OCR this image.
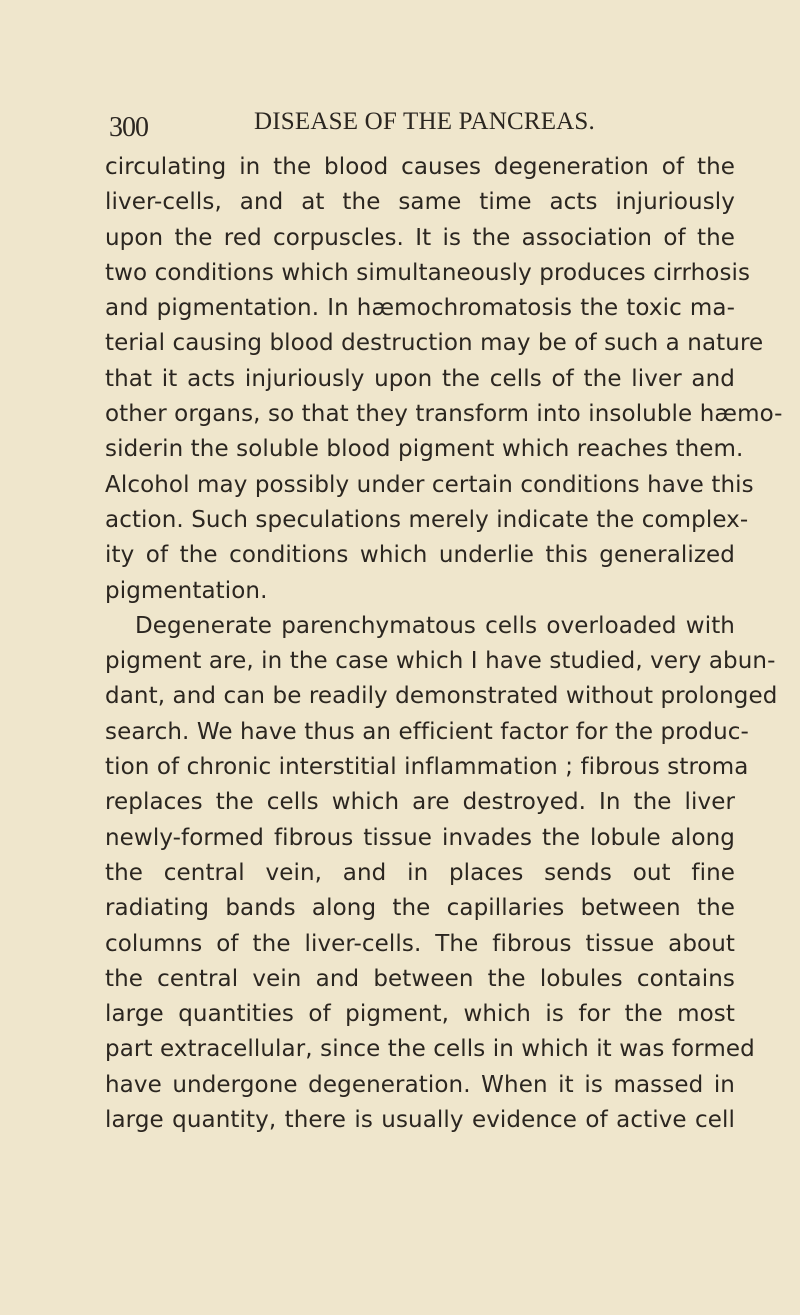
300	DISEASE OF THE PANCREAS.
circulating in the blood causes degeneration of the
liver-cells, and at the same time acts injuriously
upon the red corpuscles. It is the association of the
two conditions which simultaneously produces cirrhosis
and pigmentation. In hæmochromatosis the toxic ma-
terial causing blood destruction may be of such a nature
that it acts injuriously upon the cells of the liver and
other organs, so that they transform into insoluble hæmo-
siderin the soluble blood pigment which reaches them.
Alcohol may possibly under certain conditions have this
action. Such speculations merely indicate the complex-
ity of the conditions which underlie this generalized
pigmentation.
Degenerate parenchymatous cells overloaded with
pigment are, in the case which I have studied, very abun-
dant, and can be readily demonstrated without prolonged
search. We have thus an efficient factor for the produc-
tion of chronic interstitial inflammation ; fibrous stroma
replaces the cells which are destroyed. In the liver
newly-formed fibrous tissue invades the lobule along
the central vein, and in places sends out fine
radiating bands along the capillaries between the
columns of the liver-cells. The fibrous tissue about
the central vein and between the lobules contains
large quantities of pigment, which is for the most
part extracellular, since the cells in which it was formed
have undergone degeneration. When it is massed in
large quantity, there is usually evidence of active cell
